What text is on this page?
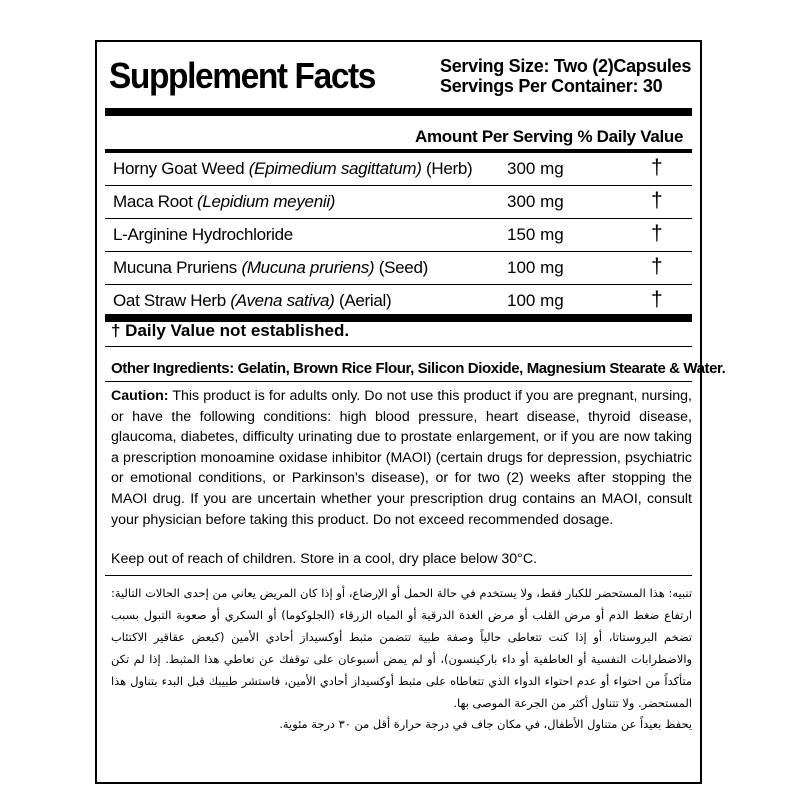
Supplement Facts	Serving Size: Two (2)Capsules
Servings Per Container: 30
Amount Per Serving % Daily Value
Horny Goat Weed (Epimedium sagittatum) (Herb) 300 mg	†
Maca Root (Lepidium meyenii)	300 mg	†
L-Arginine Hydrochloride	150 mg	†
Mucuna Pruriens (Mucuna pruriens) (Seed)	100 mg	†
Oat Straw Herb (Avena sativa) (Aerial)	100 mg	†
† Daily Value not established.
Other Ingredients: Gelatin, Brown Rice Flour, Silicon Dioxide, Magnesium Stearate & Water.
Caution: This product is for adults only. Do not use this product if you are pregnant, nursing, or have the following conditions: high blood pressure, heart disease, thyroid disease, glaucoma, diabetes, difficulty urinating due to prostate enlargement, or if you are now taking a prescription monoamine oxidase inhibitor (MAOI) (certain drugs for depression, psychiatric or emotional conditions, or Parkinson's disease), or for two (2) weeks after stopping the MAOI drug. If you are uncertain whether your prescription drug contains an MAOI, consult your physician before taking this product. Do not exceed recommended dosage.
Keep out of reach of children. Store in a cool, dry place below 30°C.
تنبيه: هذا المستحضر للكبار فقط، ولا يستخدم في حالة الحمل أو الإرضاع، أو إذا كان المريض يعاني من إحدى الحالات التالية: ارتفاع ضغط الدم أو مرض القلب أو مرض الغدة الدرقية أو المياه الزرقاء (الجلوكوما) أو السكري أو صعوبة التبول بسبب تضخم البروستاتا، أو إذا كنت تتعاطى حالياً وصفة طبية تتضمن مثبط أوكسيداز أحادي الأمين (كبعض عقاقير الاكتئاب والاضطرابات النفسية أو العاطفية أو داء باركينسون)، أو لم يمض أسبوعان على توقفك عن تعاطي هذا المثبط. إذا لم تكن متأكداً من احتواء أو عدم احتواء الدواء الذي تتعاطاه على مثبط أوكسيداز أحادي الأمين، فاستشر طبيبك قبل البدء بتناول هذا المستحضر. ولا تتناول أكثر من الجرعة الموصى بها.
يحفظ بعيداً عن متناول الأطفال، في مكان جاف في درجة حرارة أقل من ٣٠ درجة مئوية.
